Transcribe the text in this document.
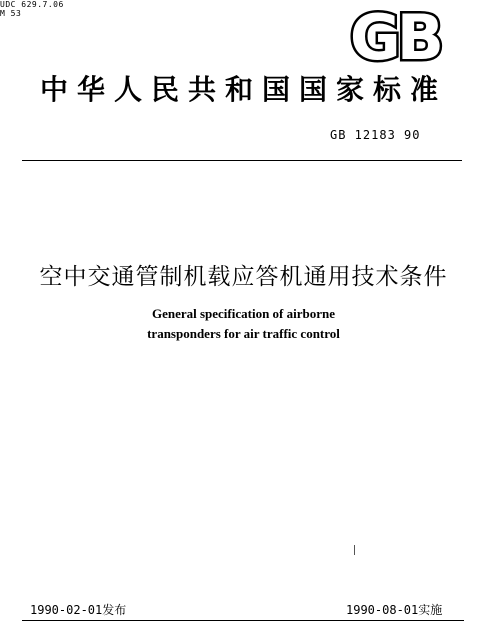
UDC 629.7.06
M 53	GB
中华人民共和国国家标准
GB 12183 90
空中交通管制机载应答机通用技术条件
General specification of airborne
transponders for air traffic control
1990-02-01发布	1990-08-01实施
